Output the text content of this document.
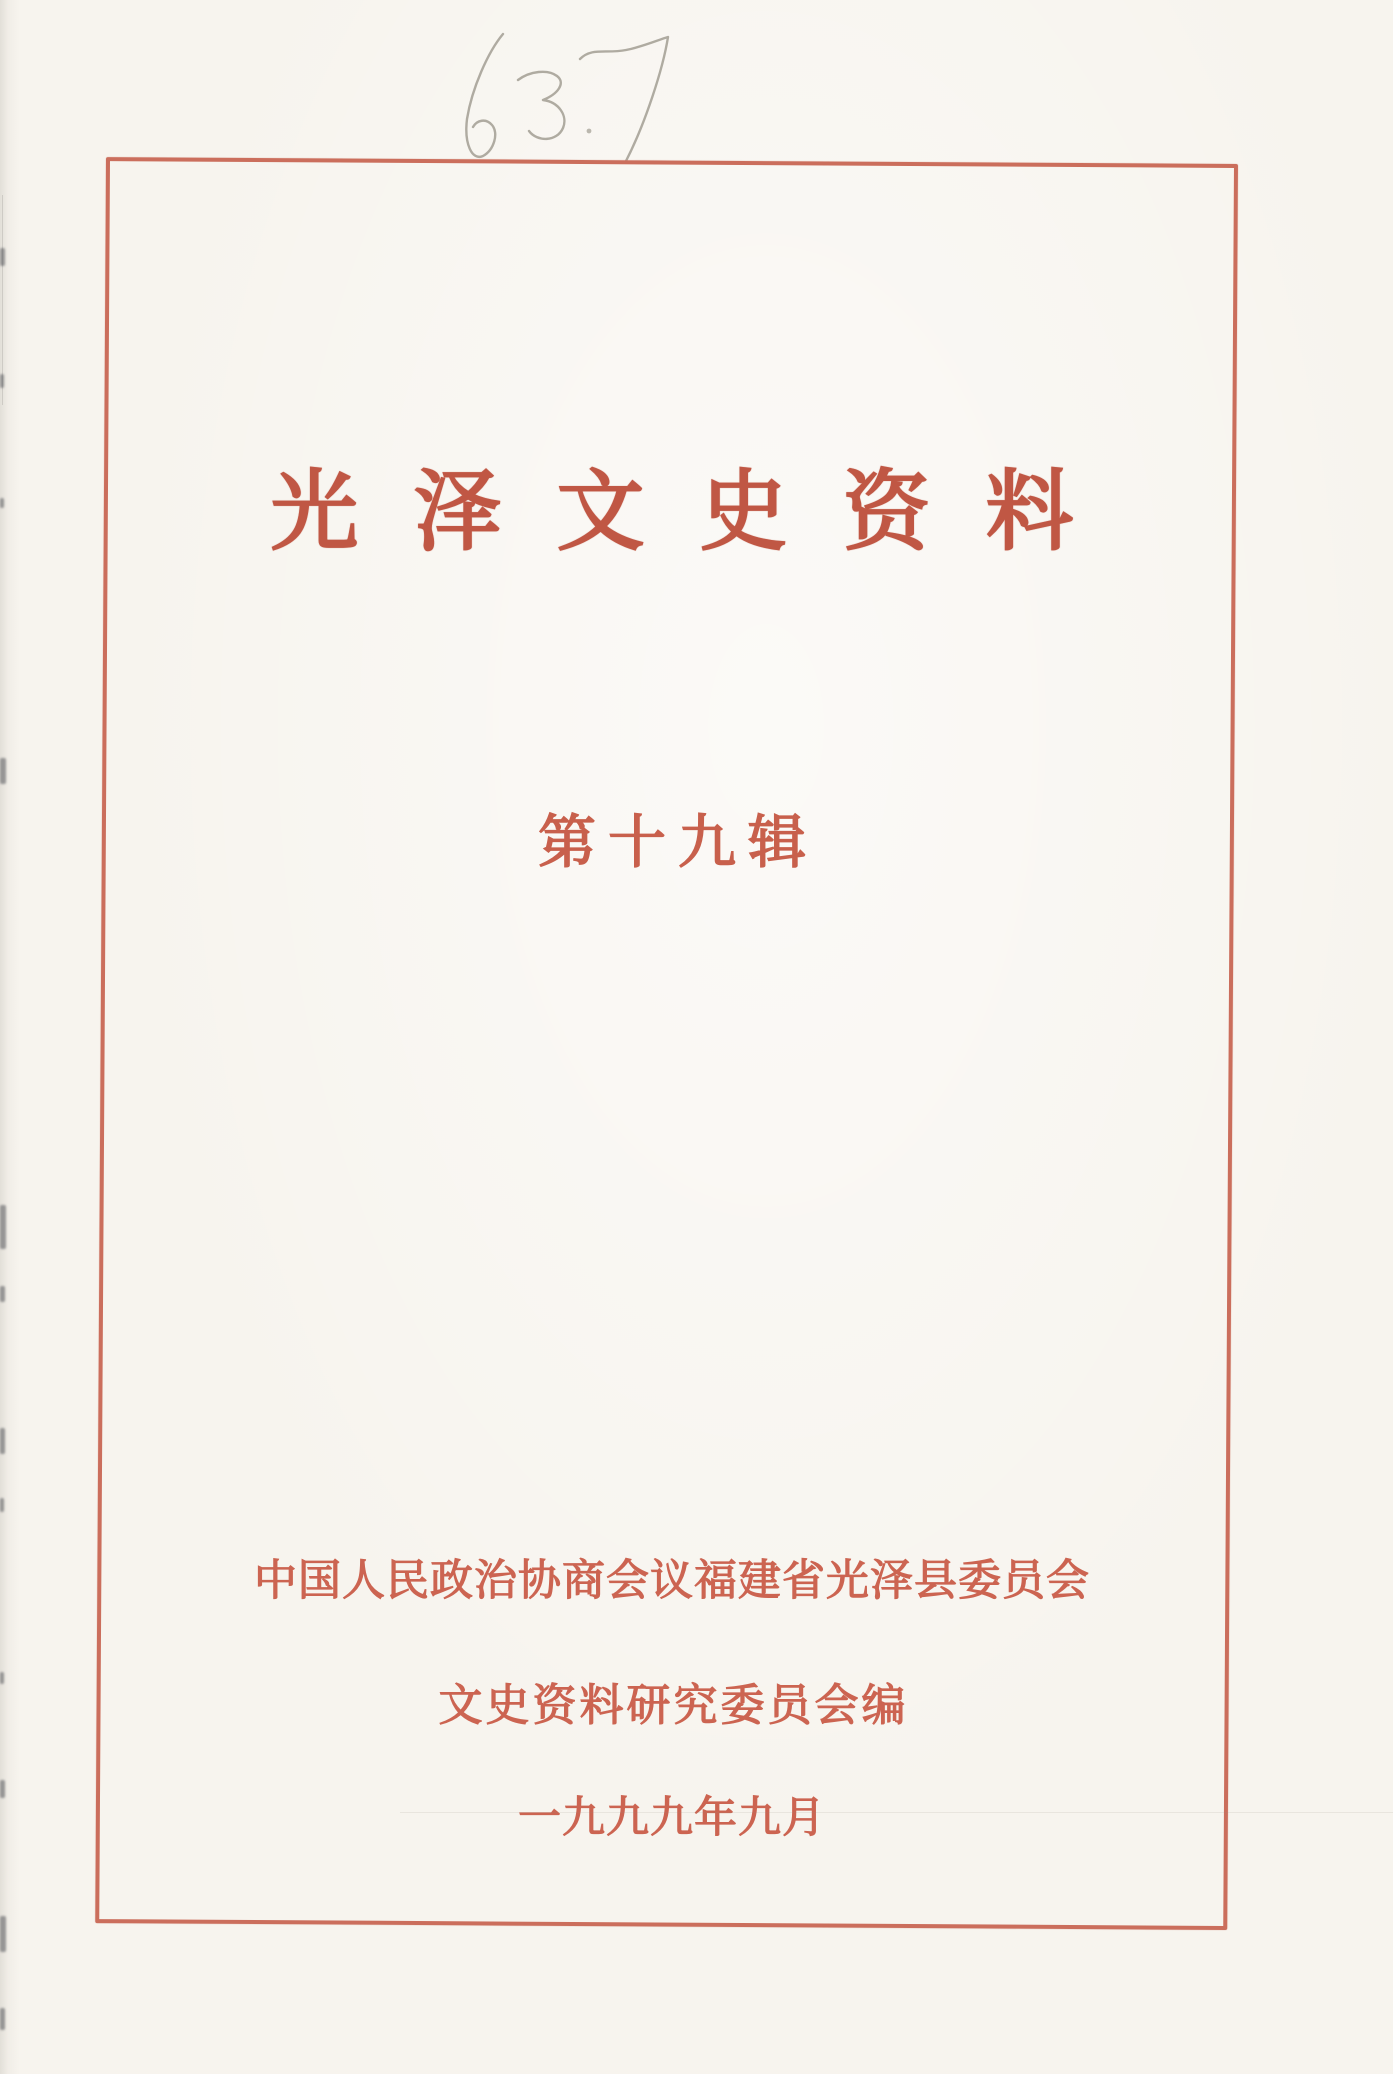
光泽文史资料
第十九辑
中国人民政治协商会议福建省光泽县委员会
文史资料研究委员会编
一九九九年九月
